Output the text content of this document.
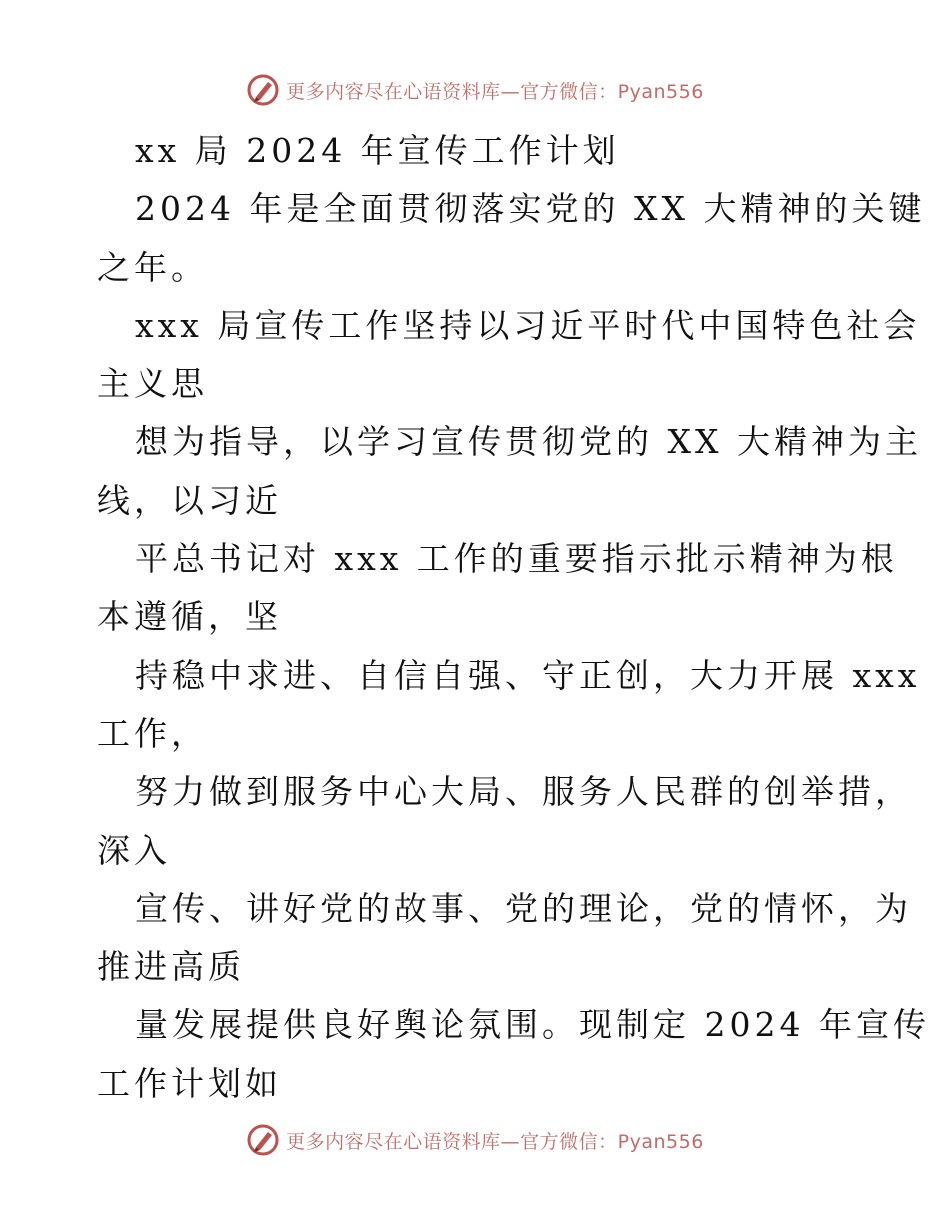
更多内容尽在心语资料库—官方微信：Pyan556
xx 局 2024 年宣传工作计划
2024 年是全面贯彻落实党的 XX 大精神的关键
之年。
xxx 局宣传工作坚持以习近平时代中国特色社会
主义思
想为指导，以学习宣传贯彻党的 XX 大精神为主
线，以习近
平总书记对 xxx 工作的重要指示批示精神为根
本遵循，坚
持稳中求进、自信自强、守正创，大力开展 xxx
工作，
努力做到服务中心大局、服务人民群的创举措，
深入
宣传、讲好党的故事、党的理论，党的情怀，为
推进高质
量发展提供良好舆论氛围。现制定 2024 年宣传
工作计划如
更多内容尽在心语资料库—官方微信：Pyan556
